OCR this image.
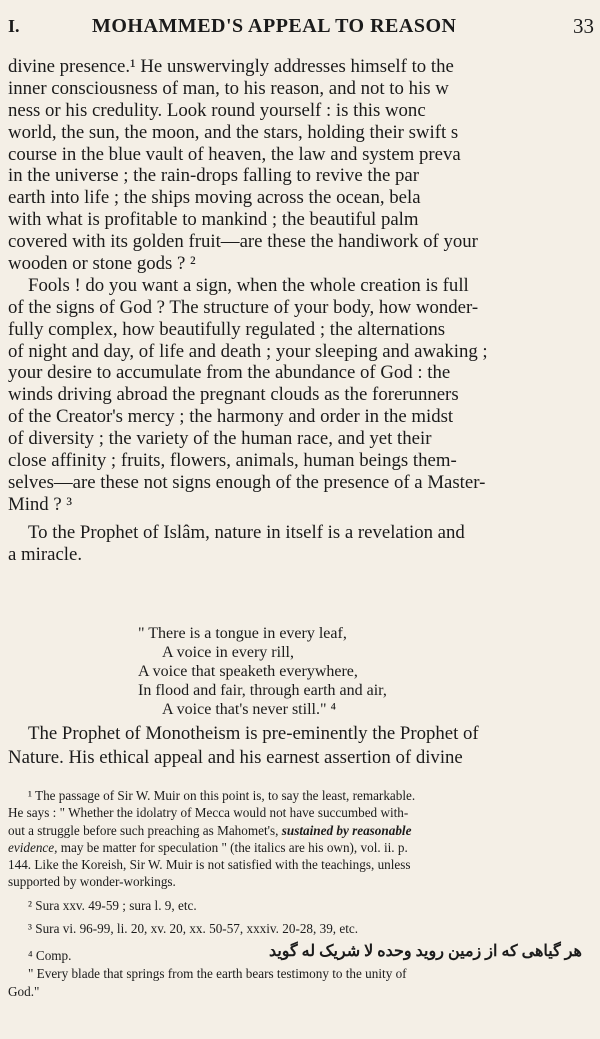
I.	MOHAMMED'S APPEAL TO REASON	33
divine presence.¹ He unswervingly addresses himself to the
inner consciousness of man, to his reason, and not to his w
ness or his credulity. Look round yourself : is this wonc
world, the sun, the moon, and the stars, holding their swift s
course in the blue vault of heaven, the law and system preva
in the universe ; the rain-drops falling to revive the par
earth into life ; the ships moving across the ocean, bela
with what is profitable to mankind ; the beautiful palm
covered with its golden fruit—are these the handiwork of your
wooden or stone gods ? ²
Fools ! do you want a sign, when the whole creation is full
of the signs of God ? The structure of your body, how wonder-
fully complex, how beautifully regulated ; the alternations
of night and day, of life and death ; your sleeping and awaking ;
your desire to accumulate from the abundance of God : the
winds driving abroad the pregnant clouds as the forerunners
of the Creator's mercy ; the harmony and order in the midst
of diversity ; the variety of the human race, and yet their
close affinity ; fruits, flowers, animals, human beings them-
selves—are these not signs enough of the presence of a Master-
Mind ? ³
To the Prophet of Islâm, nature in itself is a revelation and
a miracle.
" There is a tongue in every leaf,
A voice in every rill,
A voice that speaketh everywhere,
In flood and fair, through earth and air,
A voice that's never still." ⁴
The Prophet of Monotheism is pre-eminently the Prophet of
Nature. His ethical appeal and his earnest assertion of divine
¹ The passage of Sir W. Muir on this point is, to say the least, remarkable.
He says : " Whether the idolatry of Mecca would not have succumbed with-
out a struggle before such preaching as Mahomet's, sustained by reasonable
evidence, may be matter for speculation " (the italics are his own), vol. ii. p.
144. Like the Koreish, Sir W. Muir is not satisfied with the teachings, unless
supported by wonder-workings.
² Sura xxv. 49-59 ; sura l. 9, etc.
³ Sura vi. 96-99, li. 20, xv. 20, xx. 50-57, xxxiv. 20-28, 39, etc.
⁴ Comp.	هر گیاهی که از زمین روید وحده لا شریک له گوید
" Every blade that springs from the earth bears testimony to the unity of
God."
